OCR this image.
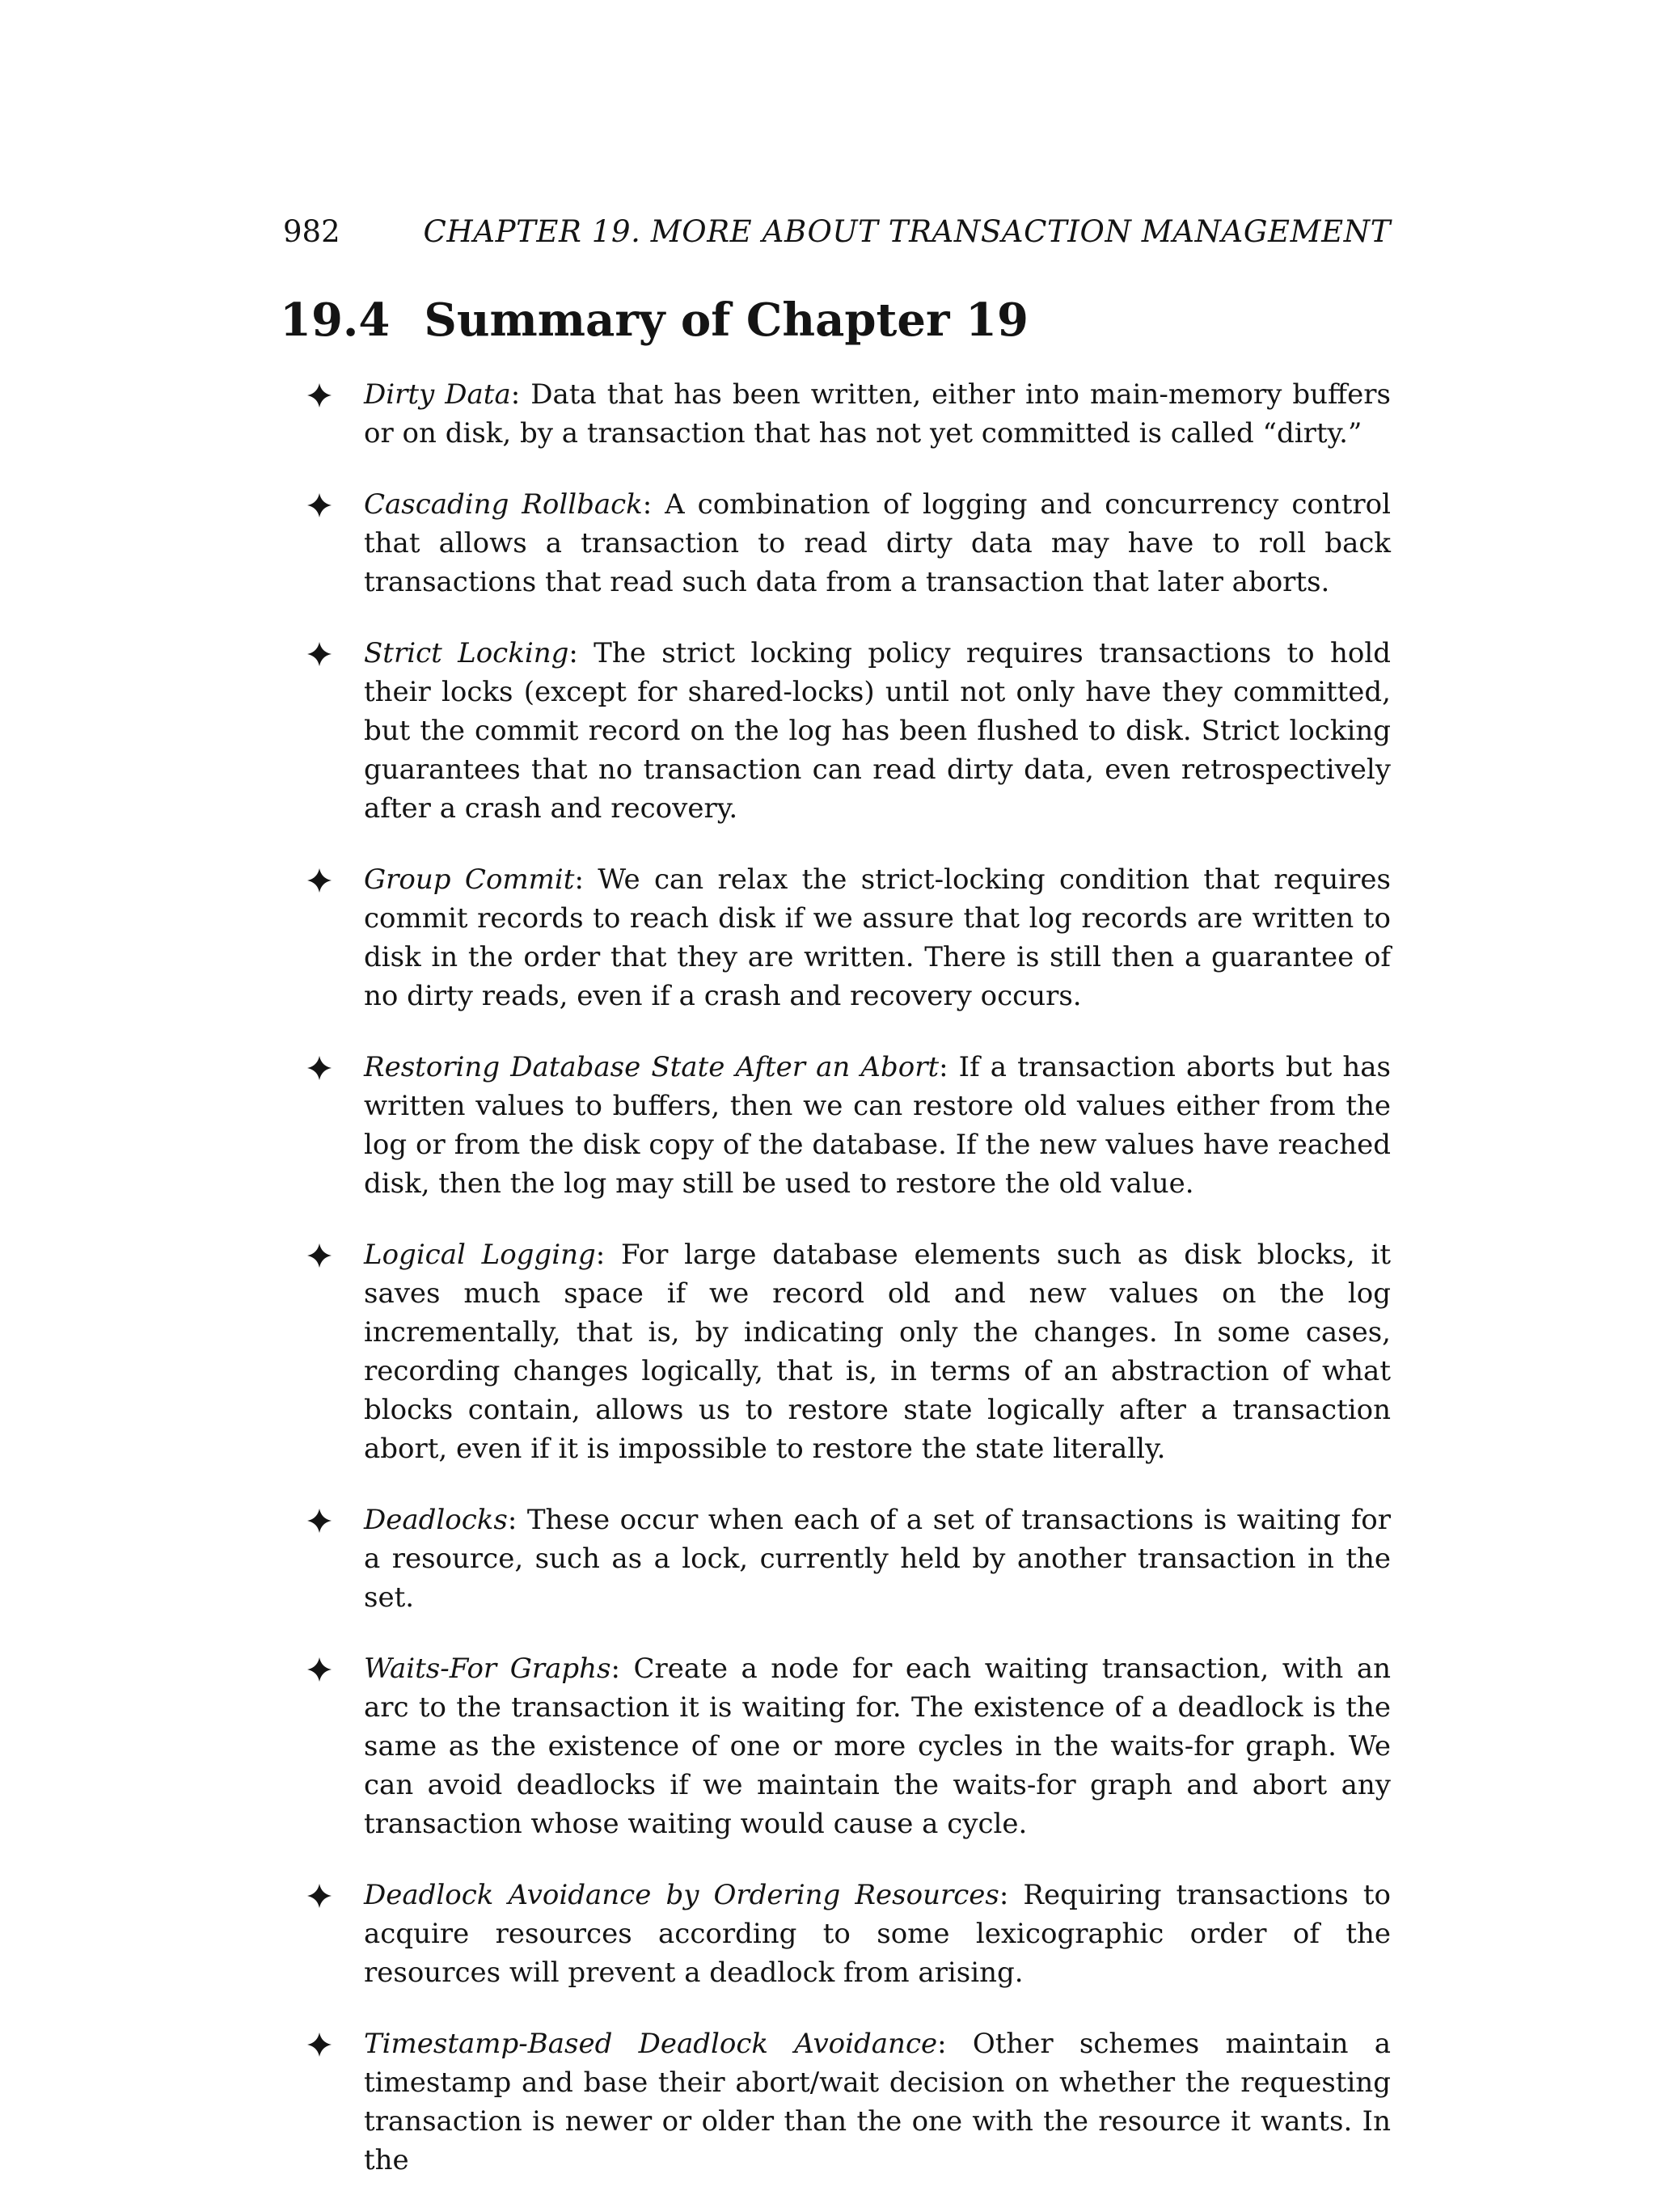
982	CHAPTER 19. MORE ABOUT TRANSACTION MANAGEMENT
19.4 Summary of Chapter 19
Dirty Data: Data that has been written, either into main-memory buffers or on disk, by a transaction that has not yet committed is called “dirty.”
Cascading Rollback: A combination of logging and concurrency control that allows a transaction to read dirty data may have to roll back transactions that read such data from a transaction that later aborts.
Strict Locking: The strict locking policy requires transactions to hold their locks (except for shared-locks) until not only have they committed, but the commit record on the log has been flushed to disk. Strict locking guarantees that no transaction can read dirty data, even retrospectively after a crash and recovery.
Group Commit: We can relax the strict-locking condition that requires commit records to reach disk if we assure that log records are written to disk in the order that they are written. There is still then a guarantee of no dirty reads, even if a crash and recovery occurs.
Restoring Database State After an Abort: If a transaction aborts but has written values to buffers, then we can restore old values either from the log or from the disk copy of the database. If the new values have reached disk, then the log may still be used to restore the old value.
Logical Logging: For large database elements such as disk blocks, it saves much space if we record old and new values on the log incrementally, that is, by indicating only the changes. In some cases, recording changes logically, that is, in terms of an abstraction of what blocks contain, allows us to restore state logically after a transaction abort, even if it is impossible to restore the state literally.
Deadlocks: These occur when each of a set of transactions is waiting for a resource, such as a lock, currently held by another transaction in the set.
Waits-For Graphs: Create a node for each waiting transaction, with an arc to the transaction it is waiting for. The existence of a deadlock is the same as the existence of one or more cycles in the waits-for graph. We can avoid deadlocks if we maintain the waits-for graph and abort any transaction whose waiting would cause a cycle.
Deadlock Avoidance by Ordering Resources: Requiring transactions to acquire resources according to some lexicographic order of the resources will prevent a deadlock from arising.
Timestamp-Based Deadlock Avoidance: Other schemes maintain a timestamp and base their abort/wait decision on whether the requesting transaction is newer or older than the one with the resource it wants. In the
